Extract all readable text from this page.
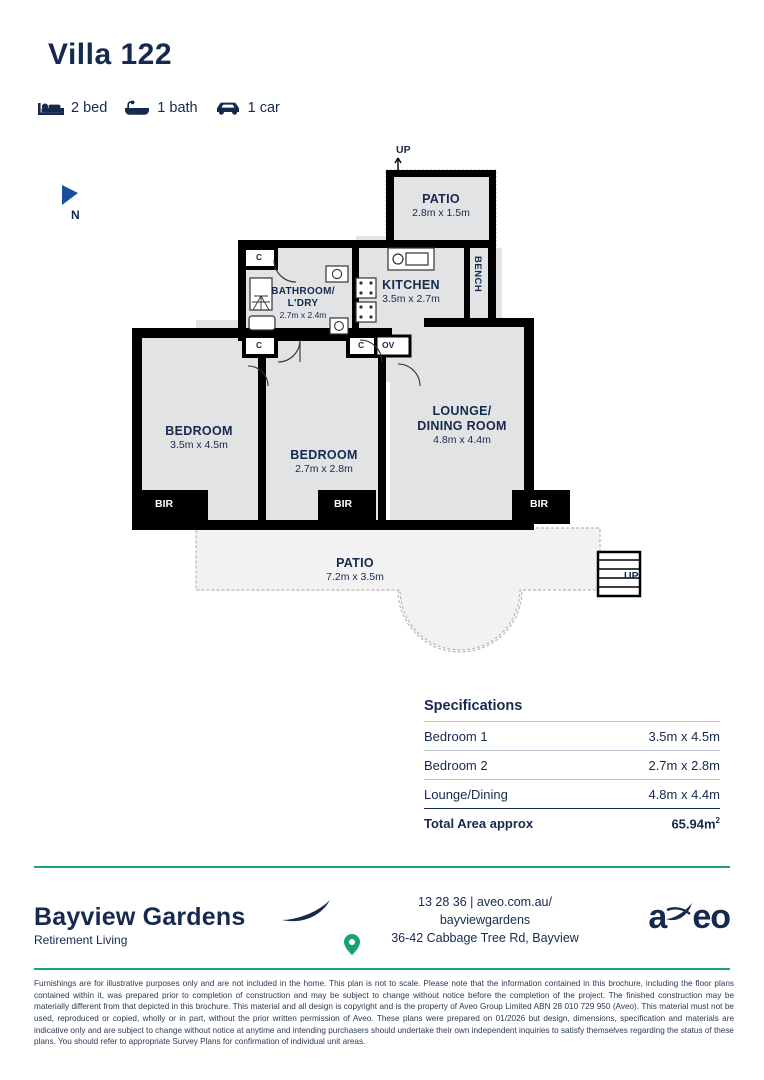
Villa 122
2 bed	1 bath	1 car
N
UP
UP
PATIO
2.8m x 1.5m
KITCHEN
3.5m x 2.7m
BATHROOM/
L'DRY
2.7m x 2.4m
BEDROOM
3.5m x 4.5m
BEDROOM
2.7m x 2.8m
LOUNGE/
DINING ROOM
4.8m x 4.4m
PATIO
7.2m x 3.5m
BIR	BIR	BIR
C
C	C OV
BENCH
Specifications
Bedroom 1	3.5m x 4.5m
Bedroom 2	2.7m x 2.8m
Lounge/Dining	4.8m x 4.4m
Total Area approx	$65.94m^2$
Bayview Gardens
Retirement Living
13 28 36 | aveo.com.au/
bayviewgardens
36-42 Cabbage Tree Rd, Bayview
a eo
Furnishings are for illustrative purposes only and are not included in the home. This plan is not to scale. Please note that the information contained in this brochure, including the floor plans contained within it, was prepared prior to completion of construction and may be subject to change without notice before the completion of the project. The finished construction may be materially different from that depicted in this brochure. This material and all design is copyright and is the property of Aveo Group Limited ABN 28 010 729 950 (Aveo). This material must not be used, reproduced or copied, wholly or in part, without the prior written permission of Aveo. These plans were prepared on 01/2026 but design, dimensions, specification and materials are indicative only and are subject to change without notice at anytime and intending purchasers should undertake their own independent inquiries to satisfy themselves regarding the status of these plans. You should refer to appropriate Survey Plans for confirmation of individual unit areas.
